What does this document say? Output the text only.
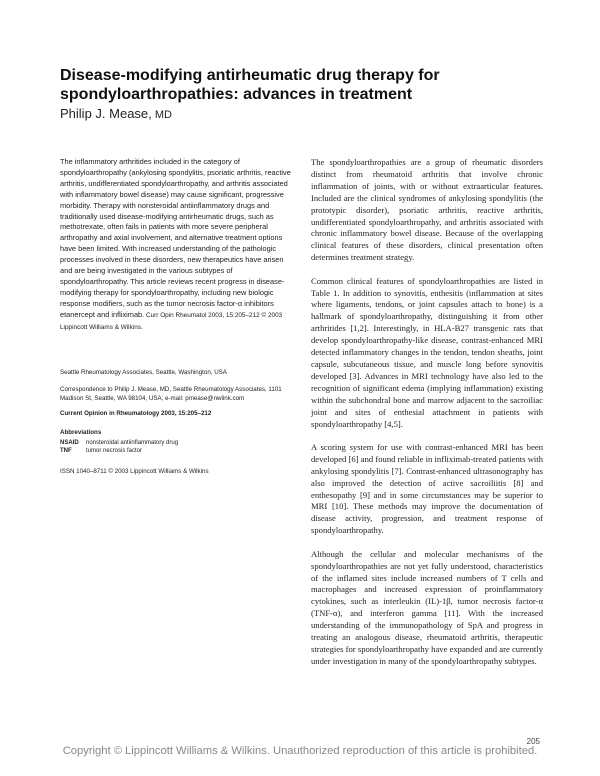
Disease-modifying antirheumatic drug therapy for spondyloarthropathies: advances in treatment
Philip J. Mease, MD

The inflammatory arthritides included in the category of spondyloarthropathy (ankylosing spondylitis, psoriatic arthritis, reactive arthritis, undifferentiated spondyloarthropathy, and arthritis associated with inflammatory bowel disease) may cause significant, progressive morbidity. Therapy with nonsteroidal antiinflammatory drugs and traditionally used disease-modifying antirheumatic drugs, such as methotrexate, often fails in patients with more severe peripheral arthropathy and axial involvement, and alternative treatment options have been limited. With increased understanding of the pathologic processes involved in these disorders, new therapeutics have arisen and are being investigated in the various subtypes of spondyloarthropathy. This article reviews recent progress in disease-modifying therapy for spondyloarthropathy, including new biologic response modifiers, such as the tumor necrosis factor-α inhibitors etanercept and infliximab. Curr Opin Rheumatol 2003, 15:205–212 © 2003 Lippincott Williams & Wilkins.

Seattle Rheumatology Associates, Seattle, Washington, USA

Correspondence to Philip J. Mease, MD, Seattle Rheumatology Associates, 1101 Madison St, Seattle, WA 98104, USA; e-mail: pmease@nwlink.com

Current Opinion in Rheumatology 2003, 15:205–212

Abbreviations
NSAID	nonsteroidal antiinflammatory drug
TNF	tumor necrosis factor

ISSN 1040–8711 © 2003 Lippincott Williams & Wilkins

The spondyloarthropathies are a group of rheumatic disorders distinct from rheumatoid arthritis that involve chronic inflammation of joints, with or without extraarticular features. Included are the clinical syndromes of ankylosing spondylitis (the prototypic disorder), psoriatic arthritis, reactive arthritis, undifferentiated spondyloarthropathy, and arthritis associated with chronic inflammatory bowel disease. Because of the overlapping clinical features of these disorders, clinical presentation often determines treatment strategy.

Common clinical features of spondyloarthropathies are listed in Table 1. In addition to synovitis, enthesitis (inflammation at sites where ligaments, tendons, or joint capsules attach to bone) is a hallmark of spondyloarthropathy, distinguishing it from other arthritides [1,2]. Interestingly, in HLA-B27 transgenic rats that develop spondyloarthropathy-like disease, contrast-enhanced MRI detected inflammatory changes in the tendon, tendon sheaths, joint capsule, subcutaneous tissue, and muscle long before synovitis developed [3]. Advances in MRI technology have also led to the recognition of significant edema (implying inflammation) existing within the subchondral bone and marrow adjacent to the sacroiliac joint and sites of enthesial attachment in patients with spondyloarthropathy [4,5].

A scoring system for use with contrast-enhanced MRI has been developed [6] and found reliable in infliximab-treated patients with ankylosing spondylitis [7]. Contrast-enhanced ultrasonography has also improved the detection of active sacroiliitis [8] and enthesopathy [9] and in some circumstances may be superior to MRI [10]. These methods may improve the documentation of disease activity, progression, and treatment response of spondyloarthropathy.

Although the cellular and molecular mechanisms of the spondyloarthropathies are not yet fully understood, characteristics of the inflamed sites include increased numbers of T cells and macrophages and increased expression of proinflammatory cytokines, such as interleukin (IL)-1β, tumor necrosis factor-α (TNF-α), and interferon gamma [11]. With the increased understanding of the immunopathology of SpA and progress in treating an analogous disease, rheumatoid arthritis, therapeutic strategies for spondyloarthropathy have expanded and are currently under investigation in many of the spondyloarthropathy subtypes.

205
Copyright © Lippincott Williams & Wilkins. Unauthorized reproduction of this article is prohibited.
